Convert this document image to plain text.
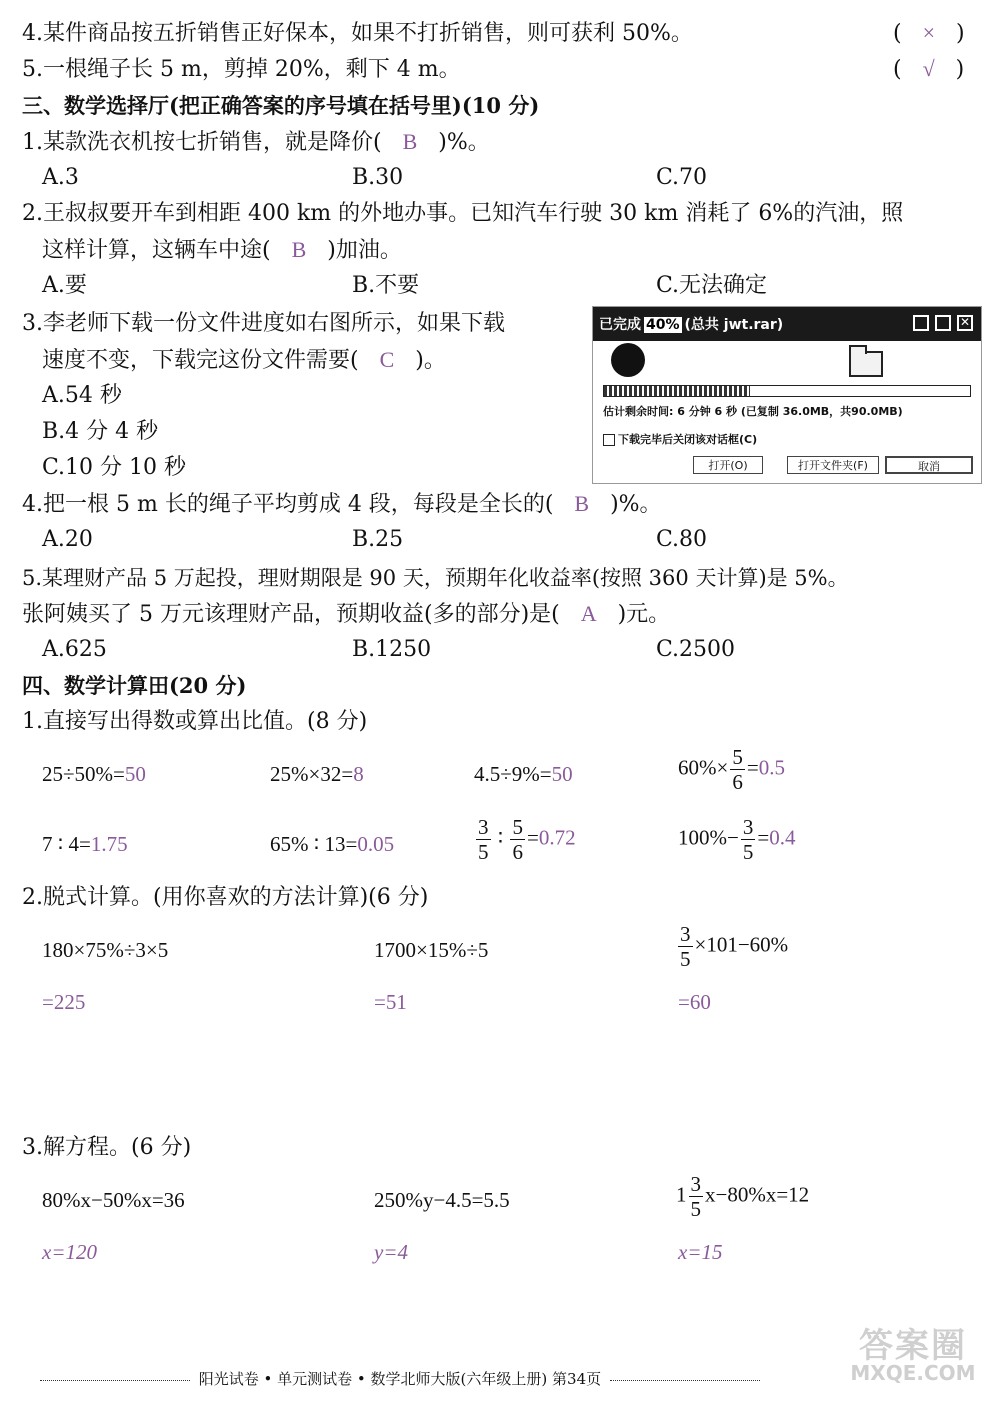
4.某件商品按五折销售正好保本，如果不打折销售，则可获利 50%。	(   ×   )
5.一根绳子长 5 m，剪掉 20%，剩下 4 m。	(   √   )
三、数学选择厅(把正确答案的序号填在括号里)(10 分)
1.某款洗衣机按七折销售，就是降价( B )%。
A.3	B.30	C.70
2.王叔叔要开车到相距 400 km 的外地办事。已知汽车行驶 30 km 消耗了 6%的汽油，照
这样计算，这辆车中途( B )加油。
A.要	B.不要	C.无法确定
3.李老师下载一份文件进度如右图所示，如果下载
速度不变，下载完这份文件需要( C )。
A.54 秒
B.4 分 4 秒
C.10 分 10 秒
已完成 40% (总共 jwt.rar)	✕
估计剩余时间: 6 分钟 6 秒 (已复制 36.0MB，共90.0MB)
下载完毕后关闭该对话框(C)
打开(O)	打开文件夹(F)	取消
4.把一根 5 m 长的绳子平均剪成 4 段，每段是全长的( B )%。
A.20	B.25	C.80
5.某理财产品 5 万起投，理财期限是 90 天，预期年化收益率(按照 360 天计算)是 5%。
张阿姨买了 5 万元该理财产品，预期收益(多的部分)是( A )元。
A.625	B.1250	C.2500
四、数学计算田(20 分)
1.直接写出得数或算出比值。(8 分)
25÷50%=50	25%×32=8	4.5÷9%=50	$60\%\times \frac{5}{6} =0.5$
7 ∶ 4=1.75	65% ∶ 13=0.05	$\frac{3}{5}$ ∶ $\frac{5}{6} =0.72$	$100\%- \frac{3}{5} =0.4$
2.脱式计算。(用你喜欢的方法计算)(6 分)
180×75%÷3×5
=225
1700×15%÷5
=51
$\frac{3}{5} \times 101-60\%$
=60
3.解方程。(6 分)
80%x−50%x=36
x=120
250%y−4.5=5.5
y=4
$1 \frac{3}{5} x-80\%x=12$
x=15
阳光试卷 • 单元测试卷 • 数学北师大版(六年级上册) 第34页
答案圈
MXQE.COM
